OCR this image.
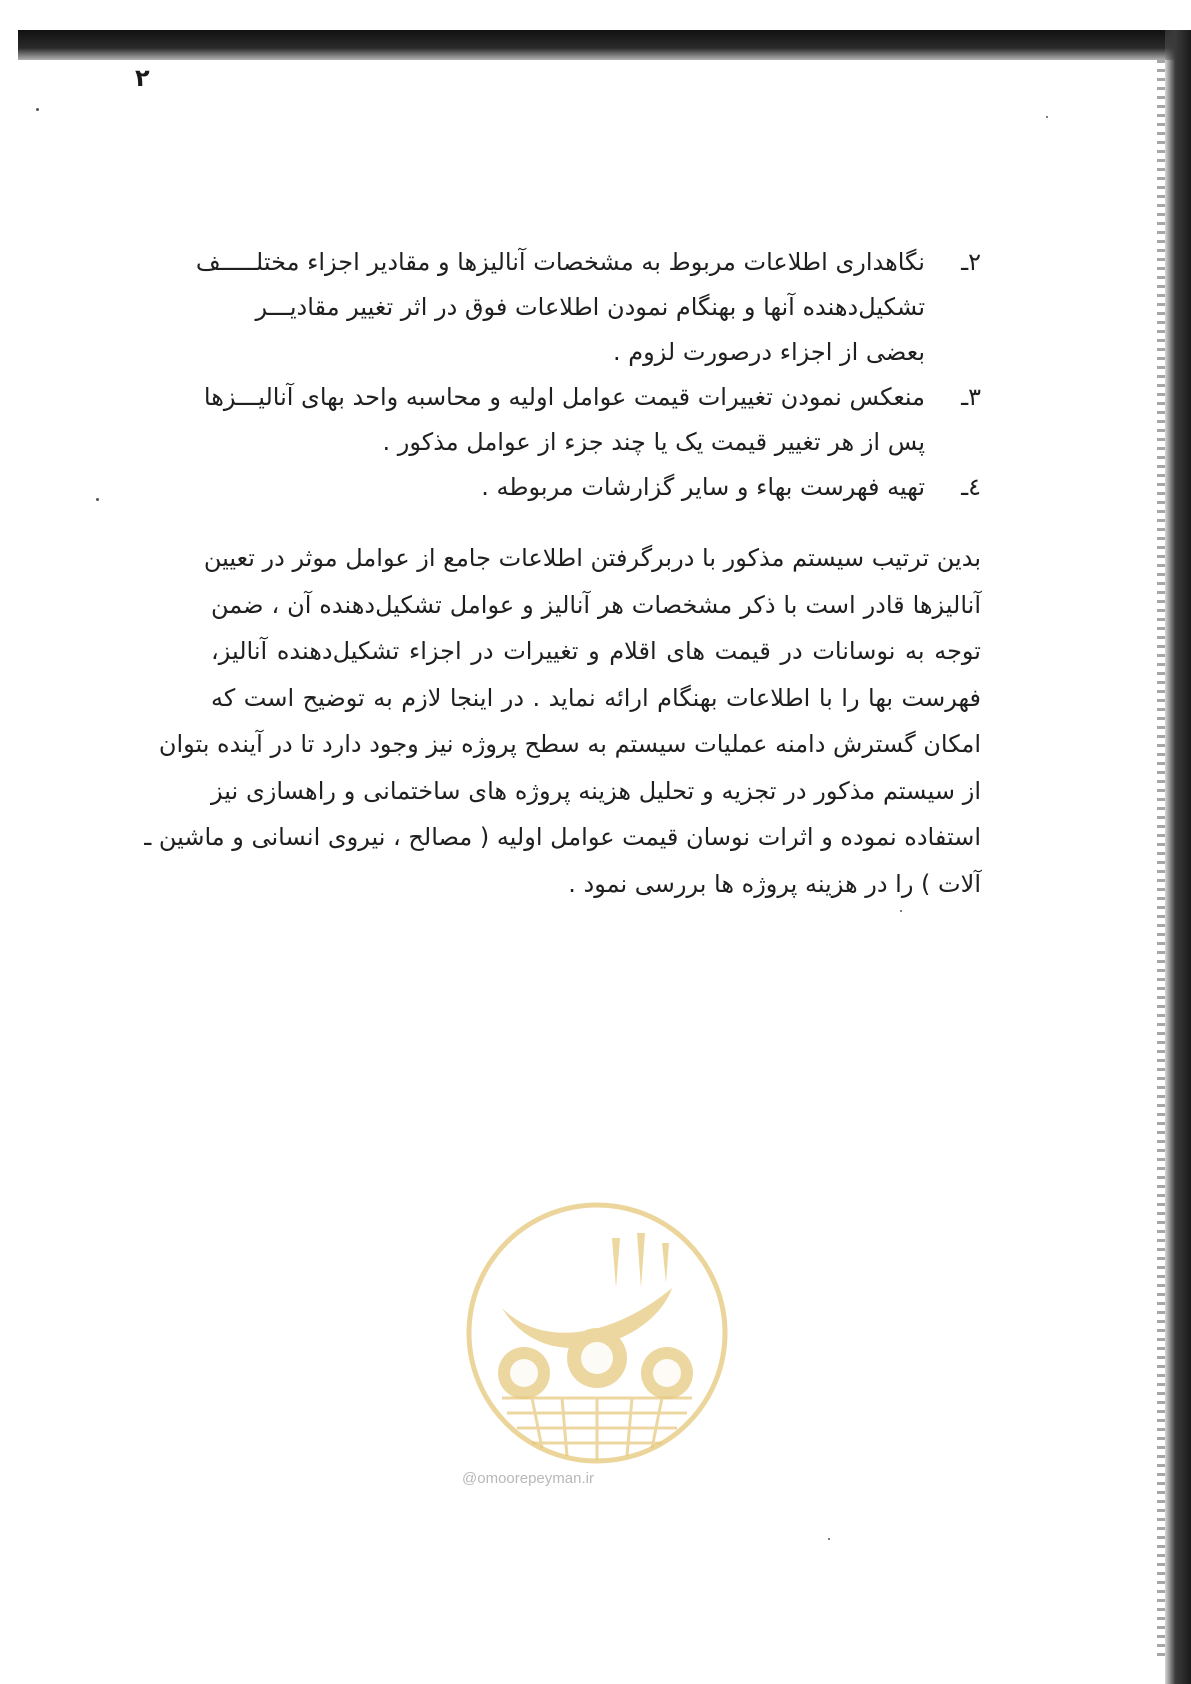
۲
۲ـ
نگاهداری اطلاعات مربوط به مشخصات آنالیزها و مقادیر اجزاء مختلـــــف
تشکیل‌دهنده آنها و بهنگام نمودن اطلاعات فوق در اثر تغییر مقادیـــر
بعضی از اجزاء درصورت لزوم .
۳ـ
منعکس نمودن تغییرات قیمت عوامل اولیه و محاسبه واحد بهای آنالیـــزها
پس از هر تغییر قیمت یک یا چند جزء از عوامل مذکور .
٤ـ
تهیه فهرست بهاء و سایر گزارشات مربوطه .
بدین ترتیب سیستم مذکور با دربرگرفتن اطلاعات جامع از عوامل موثر در تعیین
آنالیزها قادر است با ذکر مشخصات هر آنالیز و عوامل تشکیل‌دهنده آن ، ضمن
توجه به نوسانات در قیمت های اقلام و تغییرات در اجزاء تشکیل‌دهنده آنالیز،
فهرست بها را با اطلاعات بهنگام ارائه نماید . در اینجا لازم به توضیح است که
امکان گسترش دامنه عملیات سیستم به سطح پروژه نیز وجود دارد تا در آینده بتوان
از سیستم مذکور در تجزیه و تحلیل هزینه پروژه های ساختمانی و راهسازی نیز
استفاده نموده و اثرات نوسان قیمت عوامل اولیه ( مصالح ، نیروی انسانی و ماشین ـ
آلات ) را در هزینه پروژه ها بررسی نمود .
@omoorepeyman.ir
